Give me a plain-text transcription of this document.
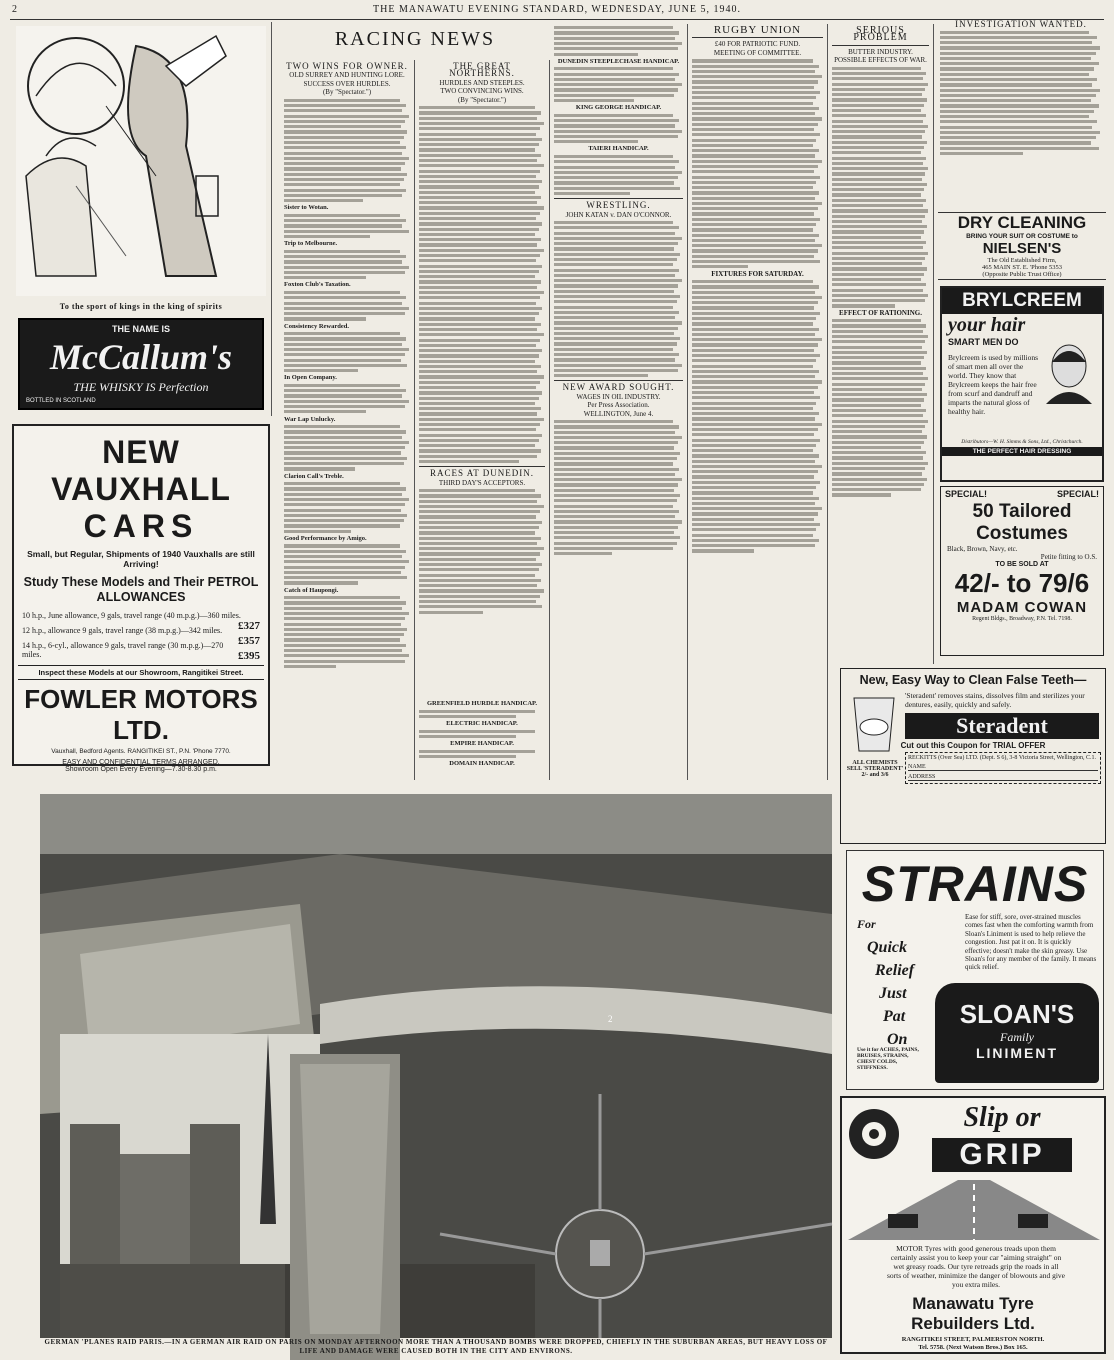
2	THE MANAWATU EVENING STANDARD, WEDNESDAY, JUNE 5, 1940.
To the sport of kings in the king of spirits
THE NAME IS
McCallum's
THE WHISKY IS Perfection
BOTTLED IN SCOTLAND
NEW VAUXHALL
CARS
Small, but Regular, Shipments of 1940 Vauxhalls are still Arriving!
Study These Models and Their PETROL ALLOWANCES
10 h.p., June allowance, 9 gals, travel range (40 m.p.g.)—360 miles.
£327
12 h.p., allowance 9 gals, travel range (38 m.p.g.)—342 miles.
£357
14 h.p., 6-cyl., allowance 9 gals, travel range (30 m.p.g.)—270 miles.	£395
Inspect these Models at our Showroom, Rangitikei Street.
FOWLER MOTORS LTD.
Vauxhall, Bedford Agents. RANGITIKEI ST., P.N. 'Phone 7770.
EASY AND CONFIDENTIAL TERMS ARRANGED.
Showroom Open Every Evening—7.30-8.30 p.m.
RACING NEWS
TWO WINS FOR OWNER.
OLD SURREY AND HUNTING LORE.
SUCCESS OVER HURDLES.
(By "Spectator.")
Sister to Wotan.
Trip to Melbourne.
Foxton Club's Taxation.
Consistency Rewarded.
In Open Company.
War Lap Unlucky.
Clarion Call's Treble.
Good Performance by Amigo.
Catch of Haupongi.
THE GREAT NORTHERNS.
HURDLES AND STEEPLES.
TWO CONVINCING WINS.
(By "Spectator.")
RACES AT DUNEDIN.
THIRD DAY'S ACCEPTORS.
DUNEDIN STEEPLECHASE HANDICAP.
KING GEORGE HANDICAP.
TAIERI HANDICAP.
WRESTLING.
JOHN KATAN v. DAN O'CONNOR.
NEW AWARD SOUGHT.
WAGES IN OIL INDUSTRY.
Per Press Association.
WELLINGTON, June 4.
GREENFIELD HURDLE HANDICAP.
ELECTRIC HANDICAP.
EMPIRE HANDICAP.
DOMAIN HANDICAP.
RUGBY UNION
£40 FOR PATRIOTIC FUND.
MEETING OF COMMITTEE.
FIXTURES FOR SATURDAY.
SERIOUS PROBLEM
BUTTER INDUSTRY.
POSSIBLE EFFECTS OF WAR.
EFFECT OF RATIONING.
INVESTIGATION WANTED.
DRY CLEANING
BRING YOUR SUIT OR COSTUME to
NIELSEN'S
The Old Established Firm,
465 MAIN ST. E. 'Phone 5353
(Opposite Public Trust Office)
BRYLCREEM
your hair
SMART MEN DO
Brylcreem is used by millions of smart men all over the world. They know that Brylcreem keeps the hair free from scurf and dandruff and imparts the natural gloss of healthy hair.
Distributors—W. H. Simms & Sons, Ltd., Christchurch.
THE PERFECT HAIR DRESSING
SPECIAL!	SPECIAL!
50 Tailored Costumes
Black, Brown, Navy, etc.
Petite fitting to O.S.
TO BE SOLD AT
42/- to 79/6
MADAM COWAN
Regent Bldgs., Broadway, P.N. Tel. 7198.
New, Easy Way to Clean False Teeth—
'Steradent' removes stains, dissolves film and sterilizes your dentures, easily, quickly and safely.
Steradent
Cut out this Coupon for TRIAL OFFER
ALL CHEMISTS SELL 'STERADENT' 2/- and 3/6
RECKITTS (Over Sea) LTD. (Dept. S 6), 3-8 Victoria Street, Wellington, C.1.
NAME
ADDRESS
STRAINS
For
Quick
Relief
Just
Pat
On
Use it for ACHES, PAINS, BRUISES, STRAINS, CHEST COLDS, STIFFNESS.
Ease for stiff, sore, over-strained muscles comes fast when the comforting warmth from Sloan's Liniment is used to help relieve the congestion. Just pat it on. It is quickly effective; doesn't make the skin greasy. Use Sloan's for any member of the family. It means quick relief.
SLOAN'S
Family
LINIMENT
Slip or
GRIP
MOTOR Tyres with good generous treads upon them certainly assist you to keep your car "aiming straight" on wet greasy roads. Our tyre retreads grip the roads in all sorts of weather, minimize the danger of blowouts and give you extra miles.
Manawatu Tyre
Rebuilders Ltd.
RANGITIKEI STREET, PALMERSTON NORTH.
Tel. 5758. (Next Watson Bros.) Box 165.
2
GERMAN 'PLANES RAID PARIS.—IN A GERMAN AIR RAID ON PARIS ON MONDAY AFTERNOON MORE THAN A THOUSAND BOMBS WERE DROPPED, CHIEFLY IN THE SUBURBAN AREAS, BUT HEAVY LOSS OF LIFE AND DAMAGE WERE CAUSED BOTH IN THE CITY AND ENVIRONS.
